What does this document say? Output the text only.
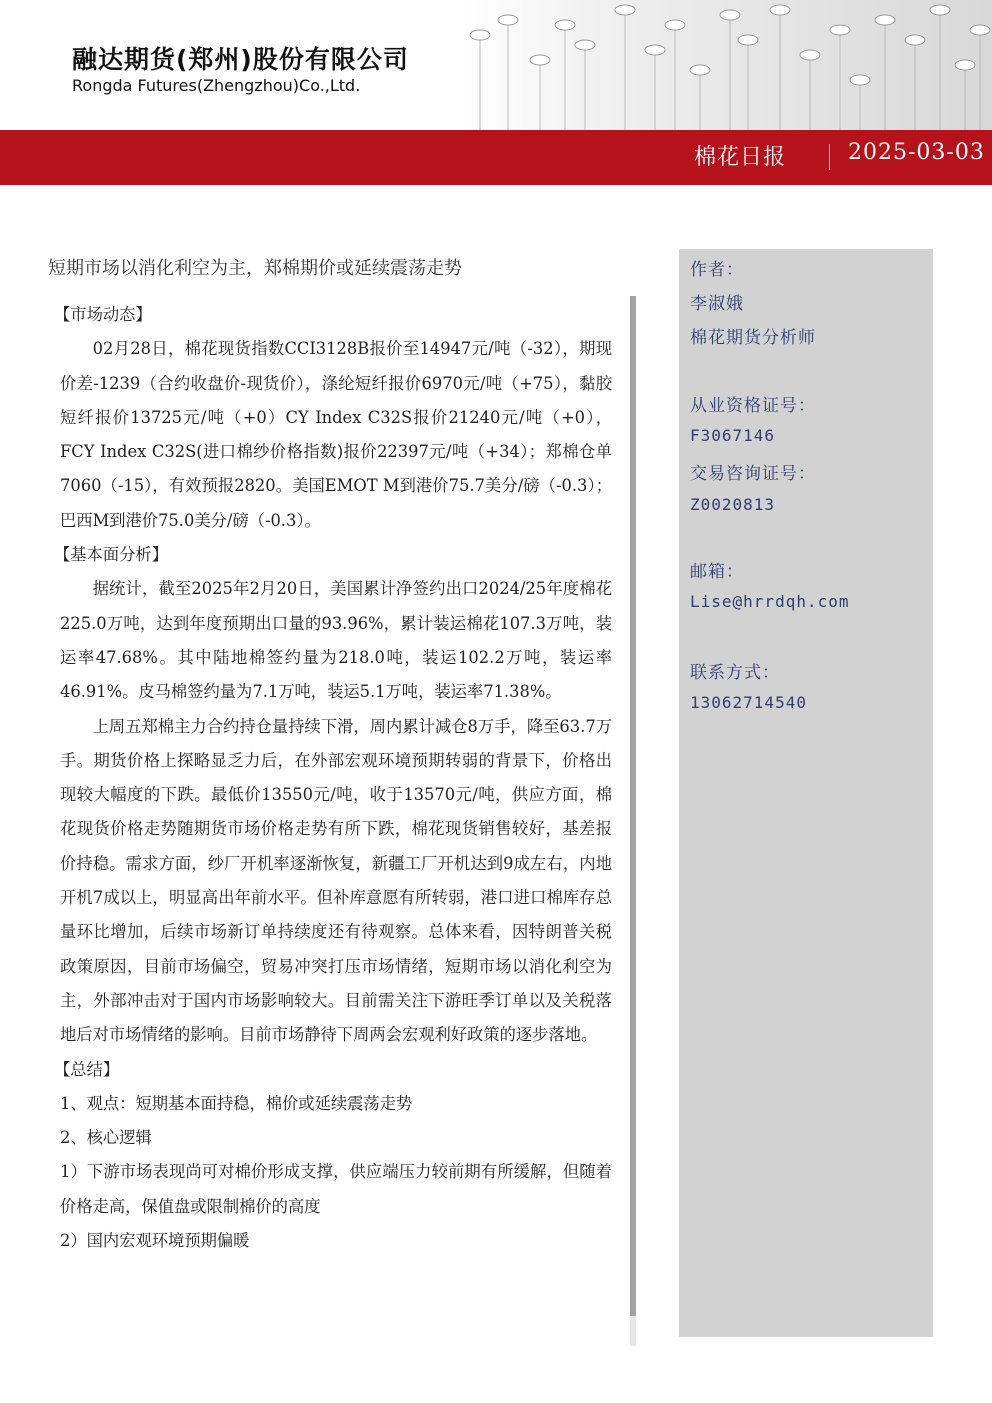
融达期货(郑州)股份有限公司
Rongda Futures(Zhengzhou)Co.,Ltd.
棉花日报	2025-03-03
短期市场以消化利空为主，郑棉期价或延续震荡走势

【市场动态】

02月28日，棉花现货指数CCI3128B报价至14947元/吨（-32），期现价差-1239（合约收盘价-现货价），涤纶短纤报价6970元/吨（+75），黏胶短纤报价13725元/吨（+0）CY Index C32S报价21240元/吨（+0），FCY Index C32S(进口棉纱价格指数)报价22397元/吨（+34）；郑棉仓单7060（-15），有效预报2820。美国EMOT M到港价75.7美分/磅（-0.3）；巴西M到港价75.0美分/磅（-0.3）。

【基本面分析】

据统计，截至2025年2月20日，美国累计净签约出口2024/25年度棉花225.0万吨，达到年度预期出口量的93.96%，累计装运棉花107.3万吨，装运率47.68%。其中陆地棉签约量为218.0吨，装运102.2万吨，装运率46.91%。皮马棉签约量为7.1万吨，装运5.1万吨，装运率71.38%。

上周五郑棉主力合约持仓量持续下滑，周内累计减仓8万手，降至63.7万手。期货价格上探略显乏力后，在外部宏观环境预期转弱的背景下，价格出现较大幅度的下跌。最低价13550元/吨，收于13570元/吨，供应方面，棉花现货价格走势随期货市场价格走势有所下跌，棉花现货销售较好，基差报价持稳。需求方面，纱厂开机率逐渐恢复，新疆工厂开机达到9成左右，内地开机7成以上，明显高出年前水平。但补库意愿有所转弱，港口进口棉库存总量环比增加，后续市场新订单持续度还有待观察。总体来看，因特朗普关税政策原因，目前市场偏空，贸易冲突打压市场情绪，短期市场以消化利空为主，外部冲击对于国内市场影响较大。目前需关注下游旺季订单以及关税落地后对市场情绪的影响。目前市场静待下周两会宏观利好政策的逐步落地。

【总结】

1、观点：短期基本面持稳，棉价或延续震荡走势

2、核心逻辑

1）下游市场表现尚可对棉价形成支撑，供应端压力较前期有所缓解，但随着价格走高，保值盘或限制棉价的高度

2）国内宏观环境预期偏暖

作者：
李淑娥
棉花期货分析师
从业资格证号：
F3067146
交易咨询证号：
Z0020813
邮箱：
Lise@hrrdqh.com
联系方式：
13062714540
